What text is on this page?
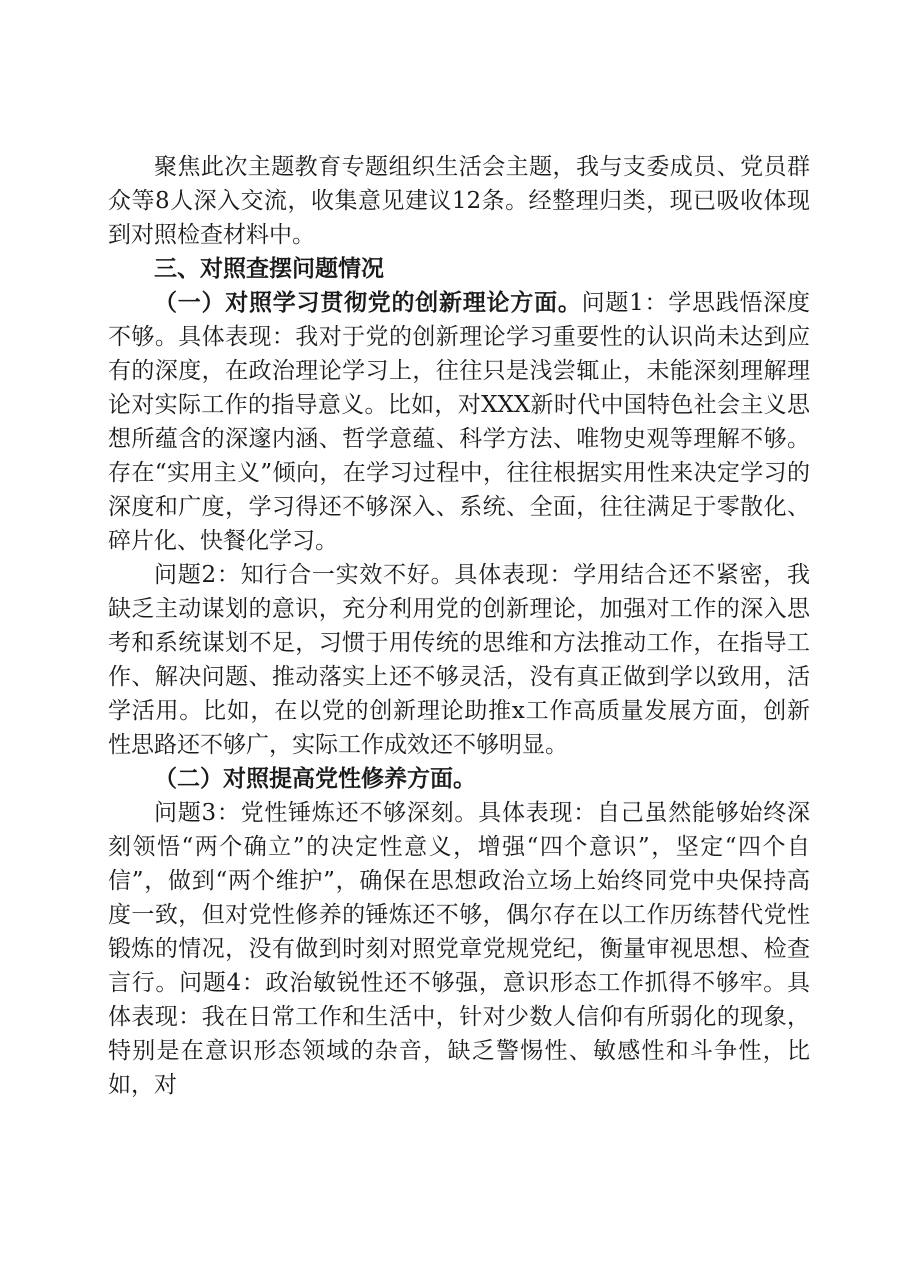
聚焦此次主题教育专题组织生活会主题，我与支委成员、党员群众等8人深入交流，收集意见建议12条。经整理归类，现已吸收体现到对照检查材料中。

三、对照查摆问题情况

（一）对照学习贯彻党的创新理论方面。问题1：学思践悟深度不够。具体表现：我对于党的创新理论学习重要性的认识尚未达到应有的深度，在政治理论学习上，往往只是浅尝辄止，未能深刻理解理论对实际工作的指导意义。比如，对XXX新时代中国特色社会主义思想所蕴含的深邃内涵、哲学意蕴、科学方法、唯物史观等理解不够。存在“实用主义”倾向，在学习过程中，往往根据实用性来决定学习的深度和广度，学习得还不够深入、系统、全面，往往满足于零散化、碎片化、快餐化学习。

问题2：知行合一实效不好。具体表现：学用结合还不紧密，我缺乏主动谋划的意识，充分利用党的创新理论，加强对工作的深入思考和系统谋划不足，习惯于用传统的思维和方法推动工作，在指导工作、解决问题、推动落实上还不够灵活，没有真正做到学以致用，活学活用。比如，在以党的创新理论助推x工作高质量发展方面，创新性思路还不够广，实际工作成效还不够明显。

（二）对照提高党性修养方面。

问题3：党性锤炼还不够深刻。具体表现：自己虽然能够始终深刻领悟“两个确立”的决定性意义，增强“四个意识”，坚定“四个自信”，做到“两个维护”，确保在思想政治立场上始终同党中央保持高度一致，但对党性修养的锤炼还不够，偶尔存在以工作历练替代党性锻炼的情况，没有做到时刻对照党章党规党纪，衡量审视思想、检查言行。问题4：政治敏锐性还不够强，意识形态工作抓得不够牢。具体表现：我在日常工作和生活中，针对少数人信仰有所弱化的现象，特别是在意识形态领域的杂音，缺乏警惕性、敏感性和斗争性，比如，对
